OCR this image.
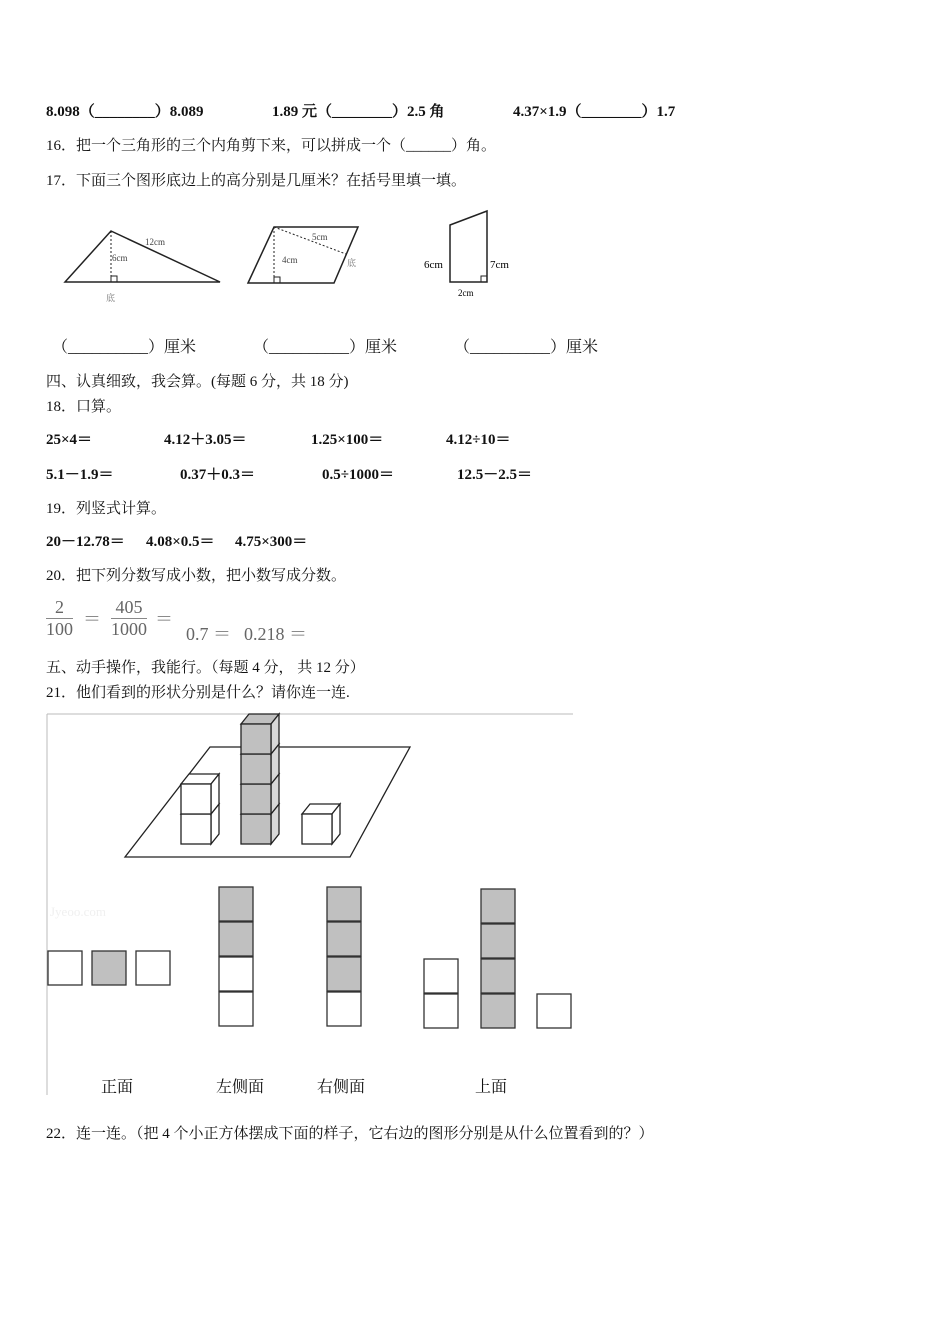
8.098（________）8.089	1.89 元（________）2.5 角	4.37×1.9（________）1.7
16．把一个三角形的三个内角剪下来，可以拼成一个（______）角。
17．下面三个图形底边上的高分别是几厘米？在括号里填一填。
12cm
6cm
底
5cm
4cm	底	6cm	7cm
2cm
Jyeoo.com
（__________）厘米	（__________）厘米	（__________）厘米
四、认真细致，我会算。(每题 6 分，共 18 分)
18．口算。
25×4＝	4.12＋3.05＝	1.25×100＝	4.12÷10＝
5.1－1.9＝	0.37＋0.3＝	0.5÷1000＝	12.5－2.5＝
19．列竖式计算。
20－12.78＝ 4.08×0.5＝ 4.75×300＝
20．把下列分数写成小数，把小数写成分数。
$\frac{2}{100} = \frac{405}{1000}$ ＝
0.7 ＝ 0.218 ＝
五、动手操作，我能行。（每题 4 分， 共 12 分）
21．他们看到的形状分别是什么？请你连一连.
正面	左侧面	右侧面	上面
22．连一连。（把 4 个小正方体摆成下面的样子，它右边的图形分别是从什么位置看到的？）
